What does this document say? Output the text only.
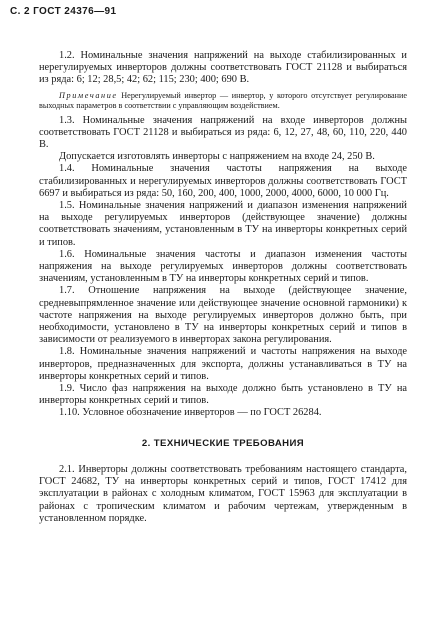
С. 2 ГОСТ 24376—91

1.2. Номинальные значения напряжений на выходе стабилизированных и нерегулируемых инверторов должны соответствовать ГОСТ 21128 и выбираться из ряда: 6; 12; 28,5; 42; 62; 115; 230; 400; 690 В.

Примечание Нерегулируемый инвертор — инвертор, у которого отсутствует регулирование выходных параметров в соответствии с управляющим воздействием.

1.3. Номинальные значения напряжений на входе инверторов должны соответствовать ГОСТ 21128 и выбираться из ряда: 6, 12, 27, 48, 60, 110, 220, 440 В.

Допускается изготовлять инверторы с напряжением на входе 24, 250 В.

1.4. Номинальные значения частоты напряжения на выходе стабилизированных и нерегулируемых инверторов должны соответствовать ГОСТ 6697 и выбираться из ряда: 50, 160, 200, 400, 1000, 2000, 4000, 6000, 10 000 Гц.

1.5. Номинальные значения напряжений и диапазон изменения напряжений на выходе регулируемых инверторов (действующее значение) должны соответствовать значениям, установленным в ТУ на инверторы конкретных серий и типов.

1.6. Номинальные значения частоты и диапазон изменения частоты напряжения на выходе регулируемых инверторов должны соответствовать значениям, установленным в ТУ на инверторы конкретных серий и типов.

1.7. Отношение напряжения на выходе (действующее значение, средневыпрямленное значение или действующее значение основной гармоники) к частоте напряжения на выходе регулируемых инверторов должно быть, при необходимости, установлено в ТУ на инверторы конкретных серий и типов в зависимости от реализуемого в инверторах закона регулирования.

1.8. Номинальные значения напряжений и частоты напряжения на выходе инверторов, предназначенных для экспорта, должны устанавливаться в ТУ на инверторы конкретных серий и типов.

1.9. Число фаз напряжения на выходе должно быть установлено в ТУ на инверторы конкретных серий и типов.

1.10. Условное обозначение инверторов — по ГОСТ 26284.

2. ТЕХНИЧЕСКИЕ ТРЕБОВАНИЯ

2.1. Инверторы должны соответствовать требованиям настоящего стандарта, ГОСТ 24682, ТУ на инверторы конкретных серий и типов, ГОСТ 17412 для эксплуатации в районах с холодным климатом, ГОСТ 15963 для эксплуатации в районах с тропическим климатом и рабочим чертежам, утвержденным в установленном порядке.
